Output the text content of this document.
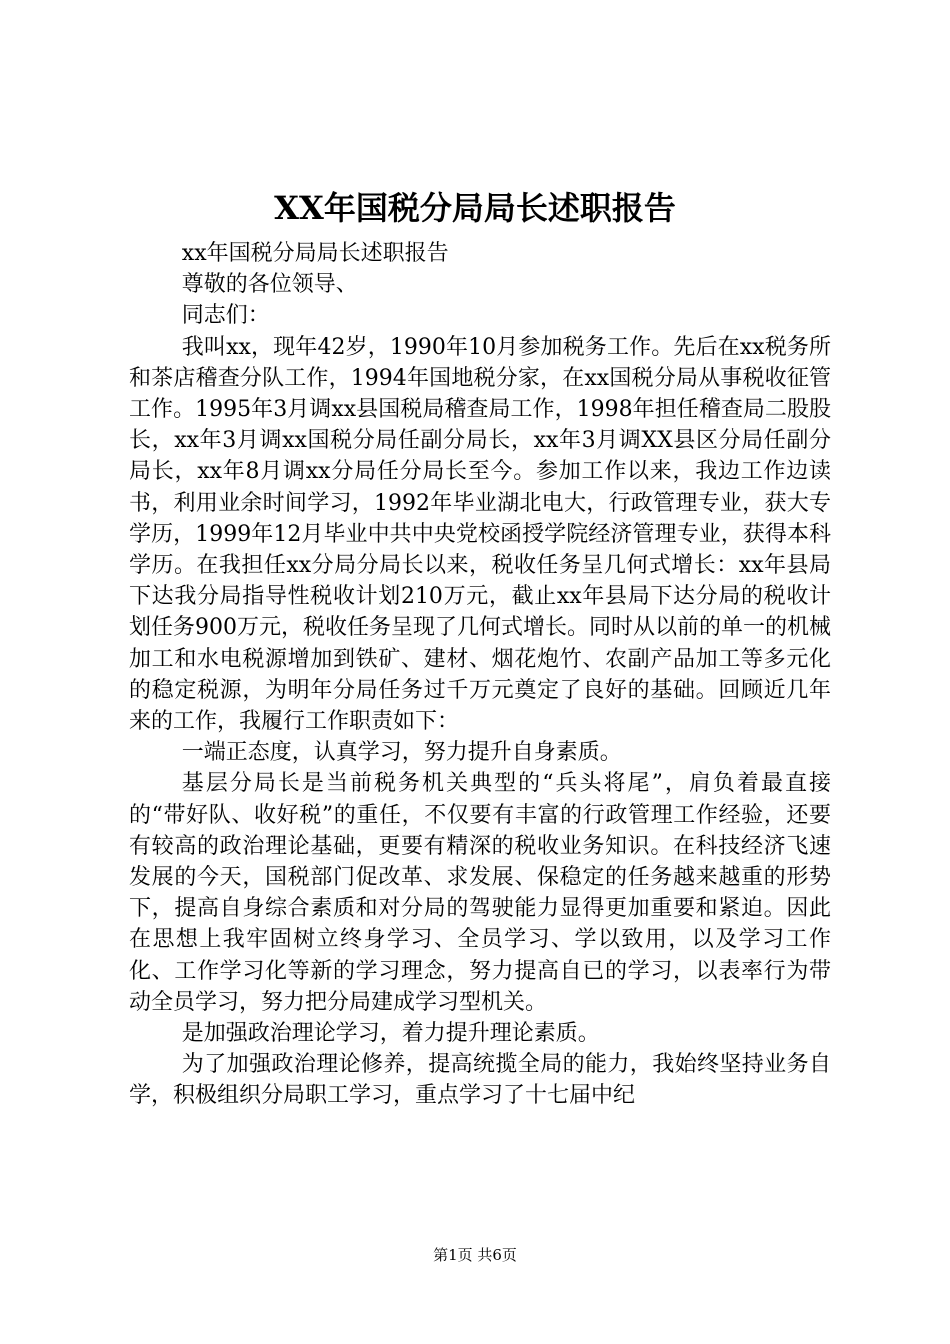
XX年国税分局局长述职报告

xx年国税分局局长述职报告

尊敬的各位领导、

同志们：

我叫xx，现年42岁，1990年10月参加税务工作。先后在xx税务所和茶店稽查分队工作，1994年国地税分家，在xx国税分局从事税收征管工作。1995年3月调xx县国税局稽查局工作，1998年担任稽查局二股股长，xx年3月调xx国税分局任副分局长，xx年3月调XX县区分局任副分局长，xx年8月调xx分局任分局长至今。参加工作以来，我边工作边读书，利用业余时间学习，1992年毕业湖北电大，行政管理专业，获大专学历，1999年12月毕业中共中央党校函授学院经济管理专业，获得本科学历。在我担任xx分局分局长以来，税收任务呈几何式增长：xx年县局下达我分局指导性税收计划210万元，截止xx年县局下达分局的税收计划任务900万元，税收任务呈现了几何式增长。同时从以前的单一的机械加工和水电税源增加到铁矿、建材、烟花炮竹、农副产品加工等多元化的稳定税源，为明年分局任务过千万元奠定了良好的基础。回顾近几年来的工作，我履行工作职责如下：

一端正态度，认真学习，努力提升自身素质。

基层分局长是当前税务机关典型的“兵头将尾”，肩负着最直接的“带好队、收好税”的重任，不仅要有丰富的行政管理工作经验，还要有较高的政治理论基础，更要有精深的税收业务知识。在科技经济飞速发展的今天，国税部门促改革、求发展、保稳定的任务越来越重的形势下，提高自身综合素质和对分局的驾驶能力显得更加重要和紧迫。因此在思想上我牢固树立终身学习、全员学习、学以致用，以及学习工作化、工作学习化等新的学习理念，努力提高自已的学习，以表率行为带动全员学习，努力把分局建成学习型机关。

是加强政治理论学习，着力提升理论素质。

为了加强政治理论修养，提高统揽全局的能力，我始终坚持业务自学，积极组织分局职工学习，重点学习了十七届中纪

第1页 共6页
